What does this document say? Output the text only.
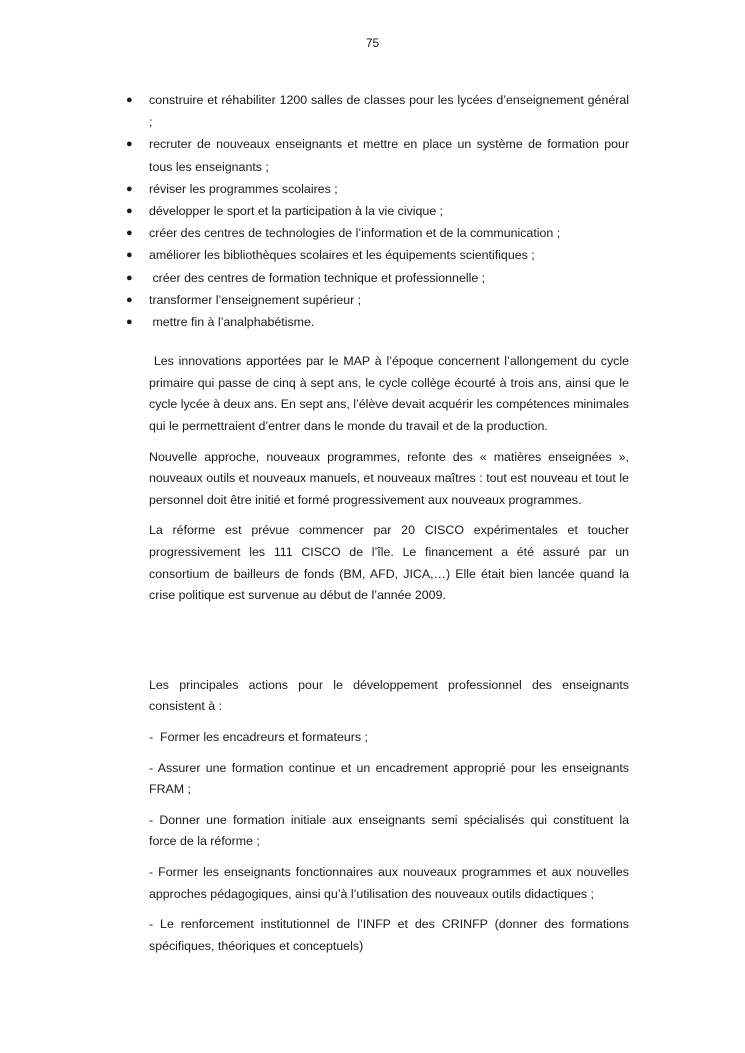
75
● construire et réhabiliter 1200 salles de classes pour les lycées d’enseignement général ;
● recruter de nouveaux enseignants et mettre en place un système de formation pour tous les enseignants ;
● réviser les programmes scolaires ;
● développer le sport et la participation à la vie civique ;
● créer des centres de technologies de l’information et de la communication ;
● améliorer les bibliothèques scolaires et les équipements scientifiques ;
● créer des centres de formation technique et professionnelle ;
● transformer l’enseignement supérieur ;
● mettre fin à l’analphabétisme.
Les innovations apportées par le MAP à l’époque concernent l’allongement du cycle primaire qui passe de cinq à sept ans, le cycle collège écourté à trois ans, ainsi que le cycle lycée à deux ans. En sept ans, l’élève devait acquérir les compétences minimales qui le permettraient d’entrer dans le monde du travail et de la production.
Nouvelle approche, nouveaux programmes, refonte des « matières enseignées », nouveaux outils et nouveaux manuels, et nouveaux maîtres : tout est nouveau et tout le personnel doit être initié et formé progressivement aux nouveaux programmes.
La réforme est prévue commencer par 20 CISCO expérimentales et toucher progressivement les 111 CISCO de l’île. Le financement a été assuré par un consortium de bailleurs de fonds (BM, AFD, JICA,…) Elle était bien lancée quand la crise politique est survenue au début de l’année 2009.
Les principales actions pour le développement professionnel des enseignants consistent à :
-  Former les encadreurs et formateurs ;
- Assurer une formation continue et un encadrement approprié pour les enseignants FRAM ;
- Donner une formation initiale aux enseignants semi spécialisés qui constituent la force de la réforme ;
- Former les enseignants fonctionnaires aux nouveaux programmes et aux nouvelles approches pédagogiques, ainsi qu’à l’utilisation des nouveaux outils didactiques ;
- Le renforcement institutionnel de l’INFP et des CRINFP (donner des formations spécifiques, théoriques et conceptuels)
